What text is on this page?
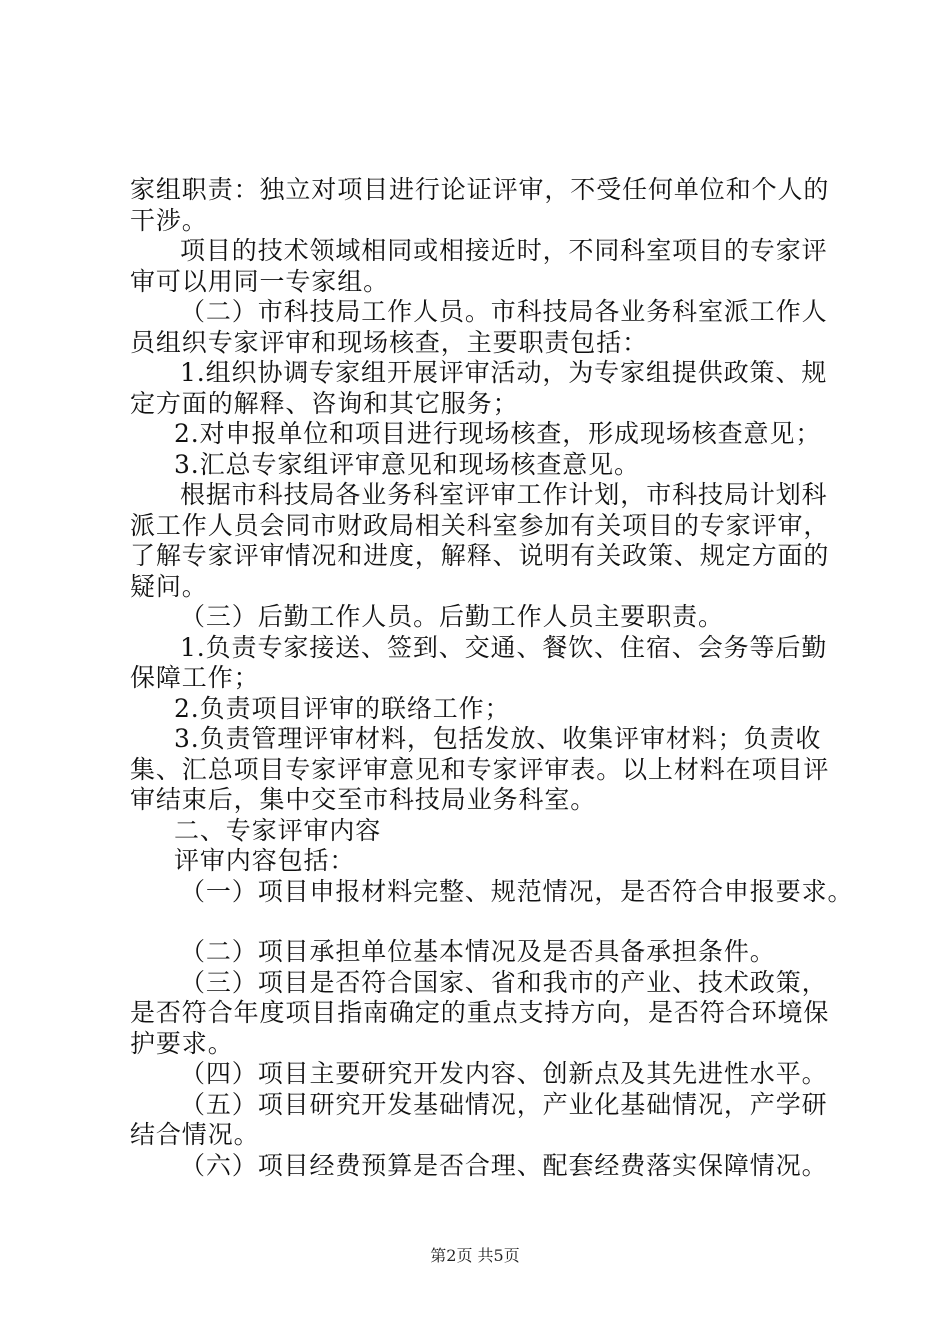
家组职责：独立对项目进行论证评审，不受任何单位和个人的

干涉。

项目的技术领域相同或相接近时，不同科室项目的专家评

审可以用同一专家组。

（二）市科技局工作人员。市科技局各业务科室派工作人

员组织专家评审和现场核查，主要职责包括：

1.组织协调专家组开展评审活动，为专家组提供政策、规

定方面的解释、咨询和其它服务；

2.对申报单位和项目进行现场核查，形成现场核查意见；

3.汇总专家组评审意见和现场核查意见。

根据市科技局各业务科室评审工作计划，市科技局计划科

派工作人员会同市财政局相关科室参加有关项目的专家评审，

了解专家评审情况和进度，解释、说明有关政策、规定方面的

疑问。

（三）后勤工作人员。后勤工作人员主要职责。

1.负责专家接送、签到、交通、餐饮、住宿、会务等后勤

保障工作；

2.负责项目评审的联络工作；

3.负责管理评审材料，包括发放、收集评审材料；负责收

集、汇总项目专家评审意见和专家评审表。以上材料在项目评

审结束后，集中交至市科技局业务科室。

二、专家评审内容

评审内容包括：

（一）项目申报材料完整、规范情况，是否符合申报要求。

（二）项目承担单位基本情况及是否具备承担条件。

（三）项目是否符合国家、省和我市的产业、技术政策，

是否符合年度项目指南确定的重点支持方向，是否符合环境保

护要求。

（四）项目主要研究开发内容、创新点及其先进性水平。

（五）项目研究开发基础情况，产业化基础情况，产学研

结合情况。

（六）项目经费预算是否合理、配套经费落实保障情况。

第2页 共5页
